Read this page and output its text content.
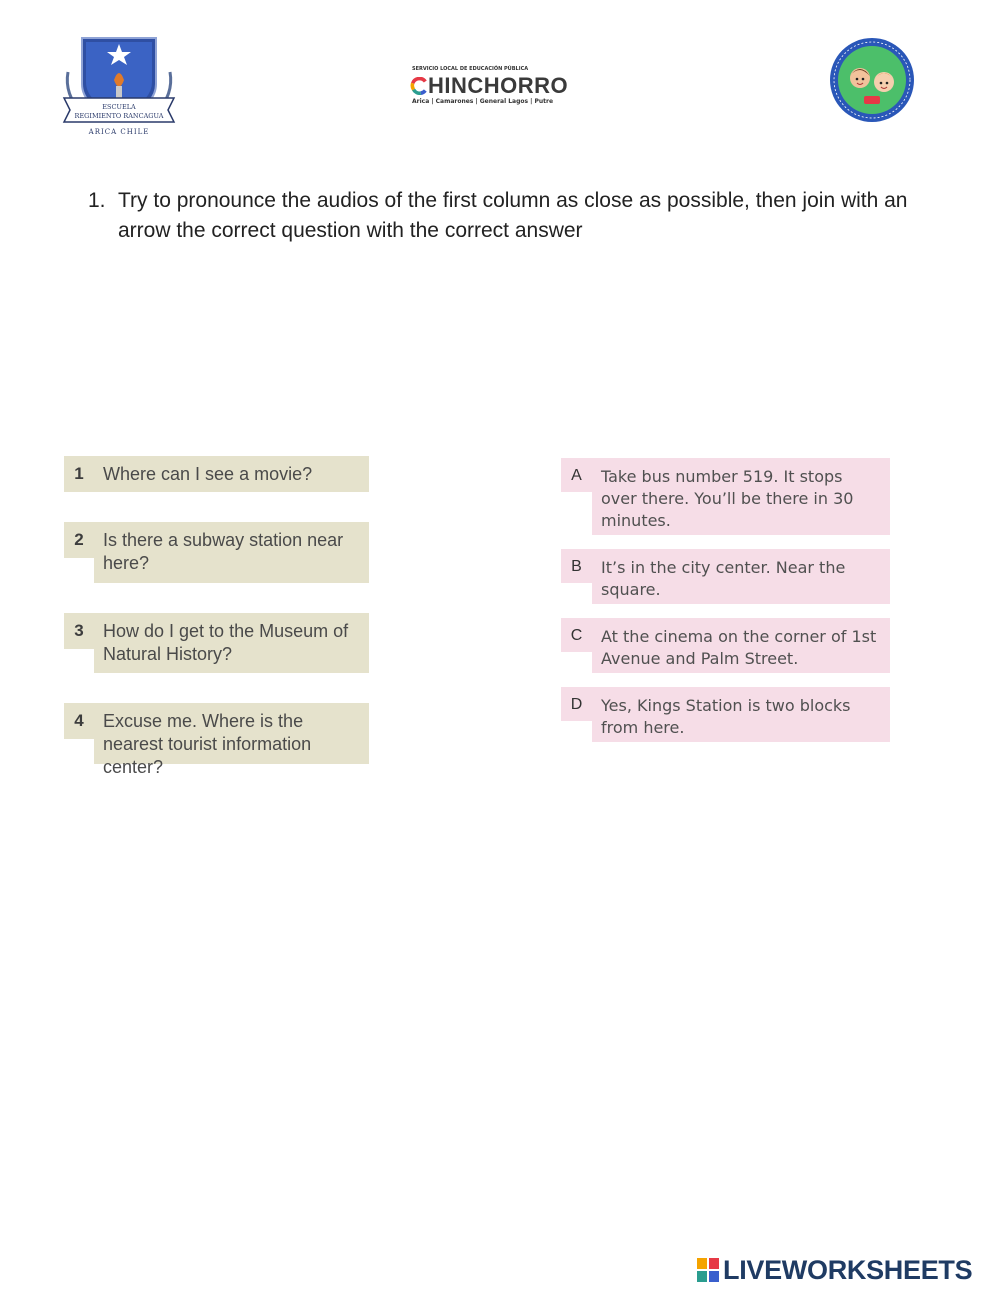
ESCUELA
REGIMIENTO RANCAGUA
ARICA CHILE
SERVICIO LOCAL DE EDUCACIÓN PÚBLICA
HINCHORRO
Arica | Camarones | General Lagos | Putre
1. Try to pronounce the audios of the first column as close as possible, then join with an arrow the correct question with the correct answer
1	Where can I see a movie?
2	Is there a subway station near here?
3	How do I get to the Museum of Natural History?
4	Excuse me. Where is the nearest tourist information center?
A	Take bus number 519. It stops over there. You’ll be there in 30 minutes.
B	It’s in the city center. Near the square.
C	At the cinema on the corner of 1st Avenue and Palm Street.
D	Yes, Kings Station is two blocks from here.
LIVEWORKSHEETS
